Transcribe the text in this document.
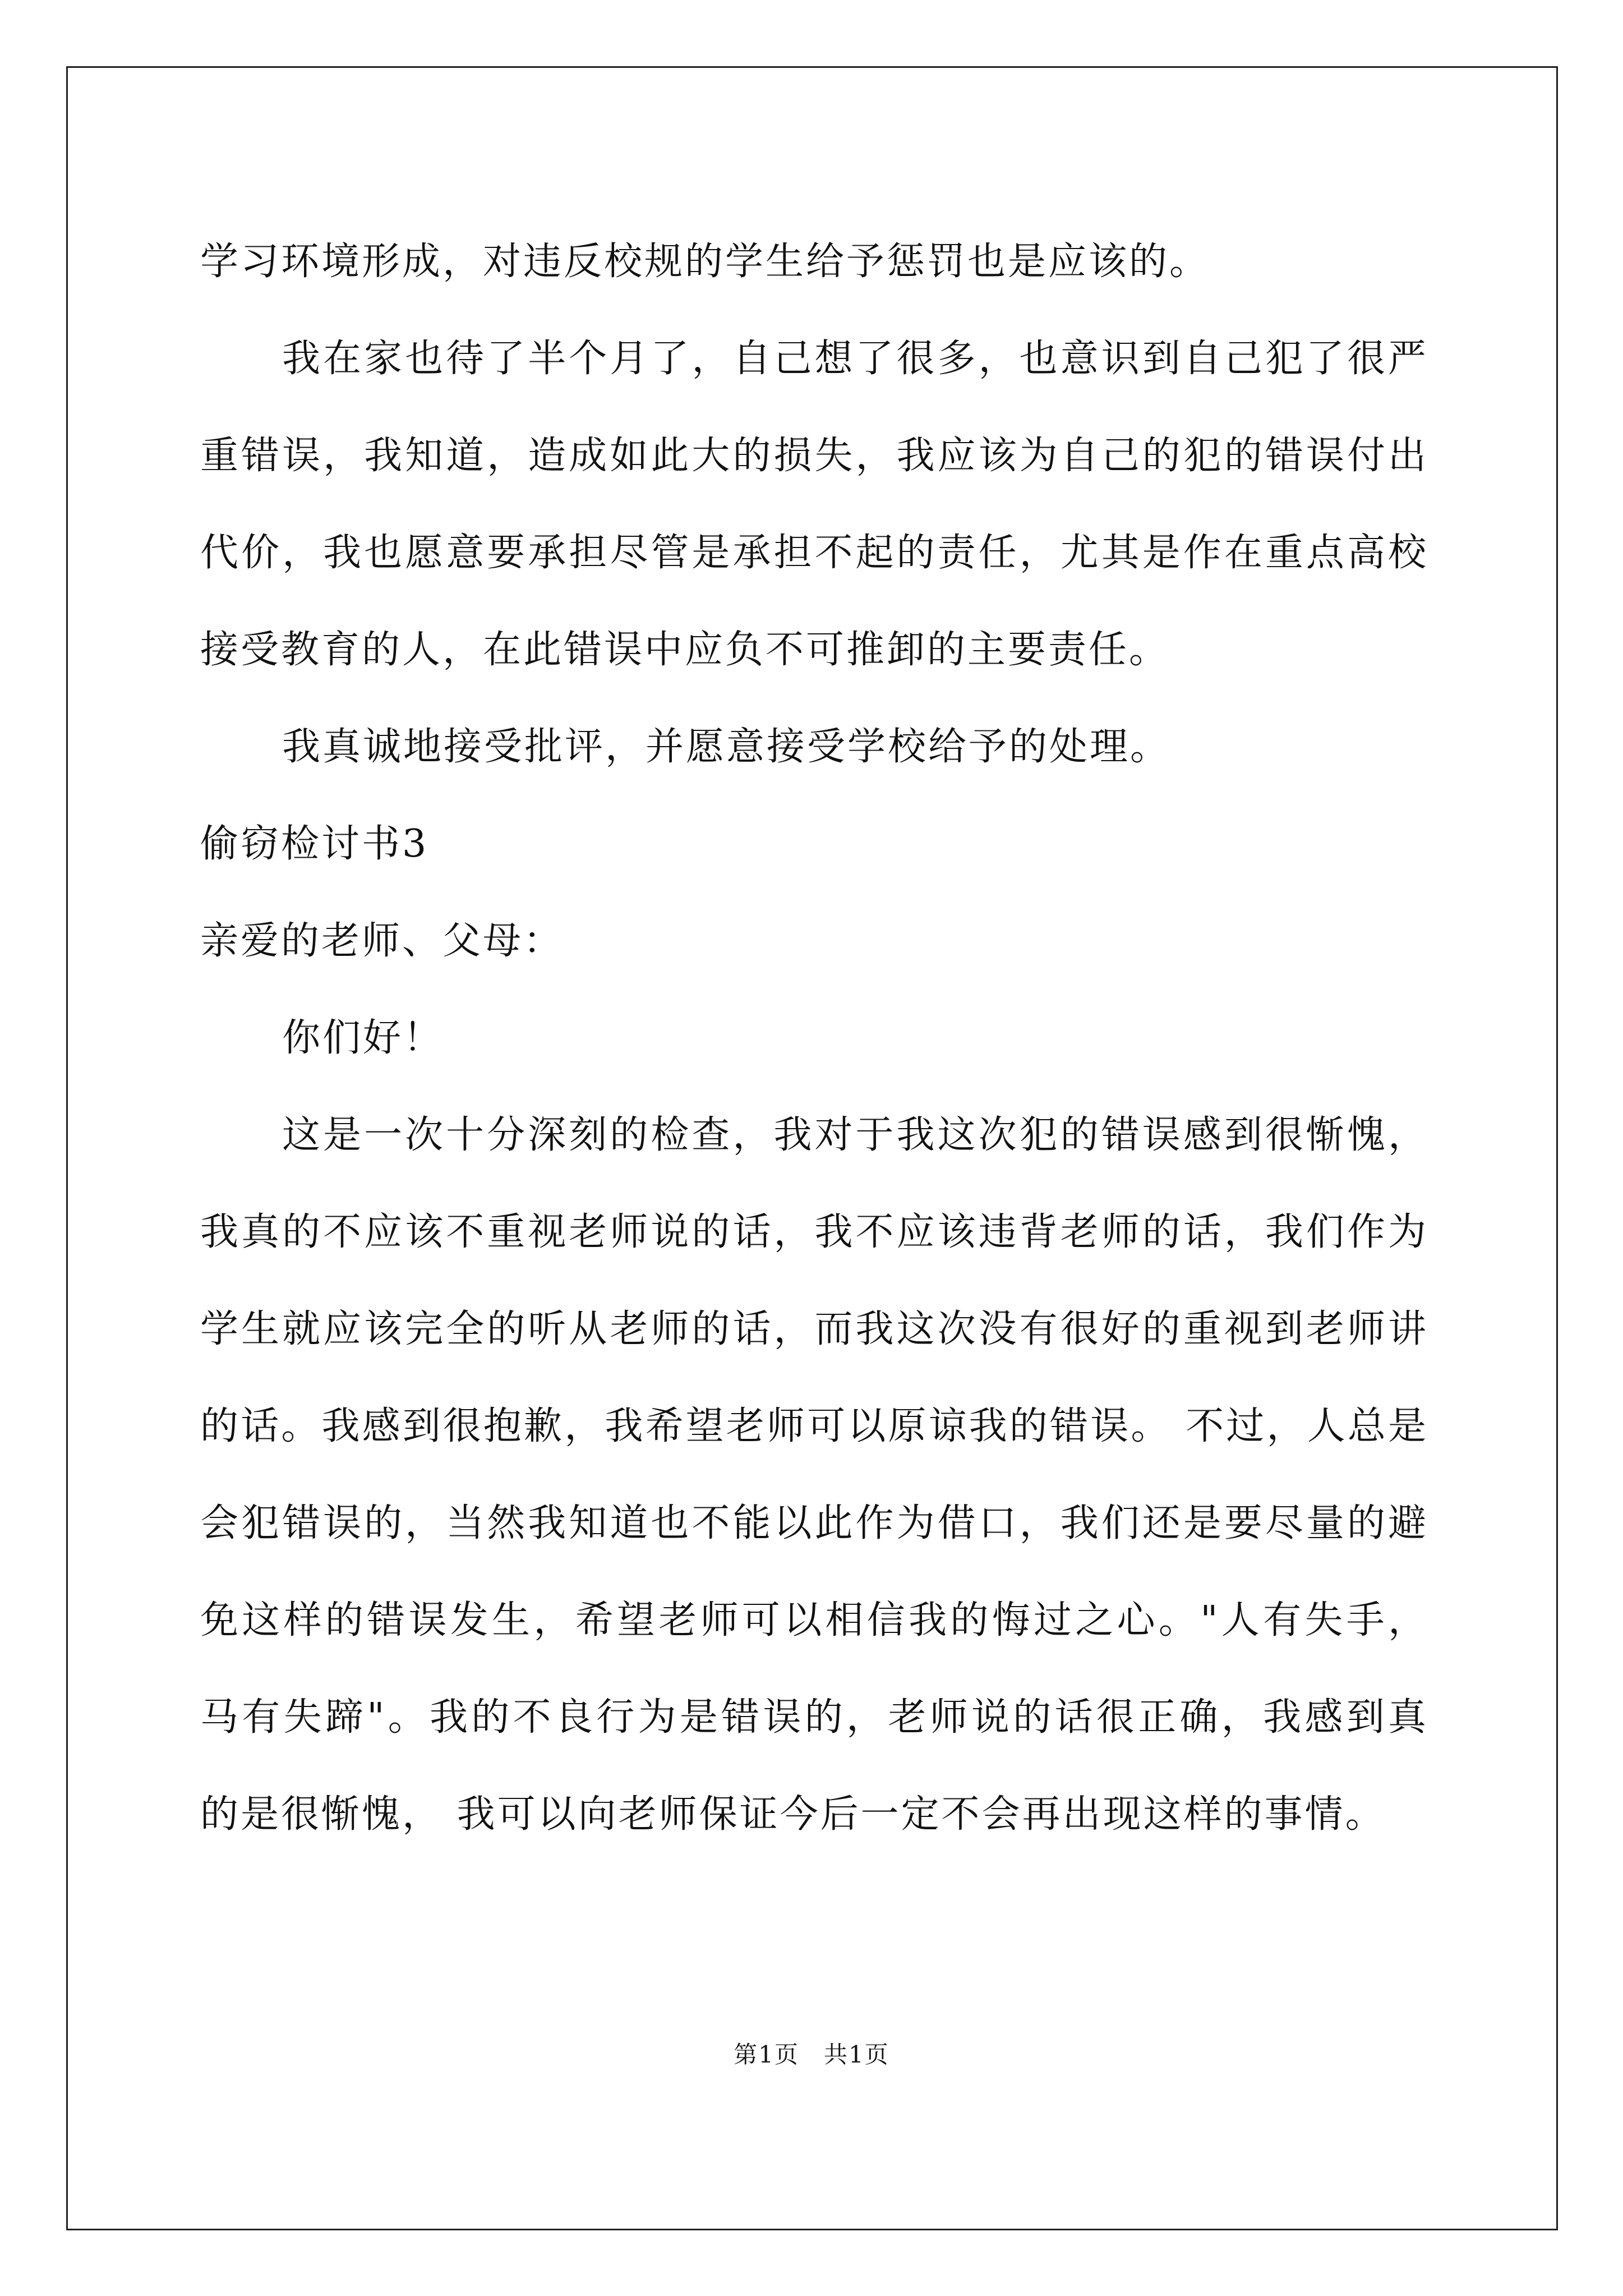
学习环境形成，对违反校规的学生给予惩罚也是应该的。

我在家也待了半个月了，自己想了很多，也意识到自己犯了很严重错误，我知道，造成如此大的损失，我应该为自己的犯的错误付出代价，我也愿意要承担尽管是承担不起的责任，尤其是作在重点高校接受教育的人，在此错误中应负不可推卸的主要责任。

我真诚地接受批评，并愿意接受学校给予的处理。

偷窃检讨书3

亲爱的老师、父母：

你们好！

这是一次十分深刻的检查，我对于我这次犯的错误感到很惭愧，我真的不应该不重视老师说的话，我不应该违背老师的话，我们作为学生就应该完全的听从老师的话，而我这次没有很好的重视到老师讲的话。我感到很抱歉，我希望老师可以原谅我的错误。 不过，人总是会犯错误的，当然我知道也不能以此作为借口，我们还是要尽量的避免这样的错误发生，希望老师可以相信我的悔过之心。"人有失手，马有失蹄"。我的不良行为是错误的，老师说的话很正确，我感到真的是很惭愧， 我可以向老师保证今后一定不会再出现这样的事情。

第1页　共1页
